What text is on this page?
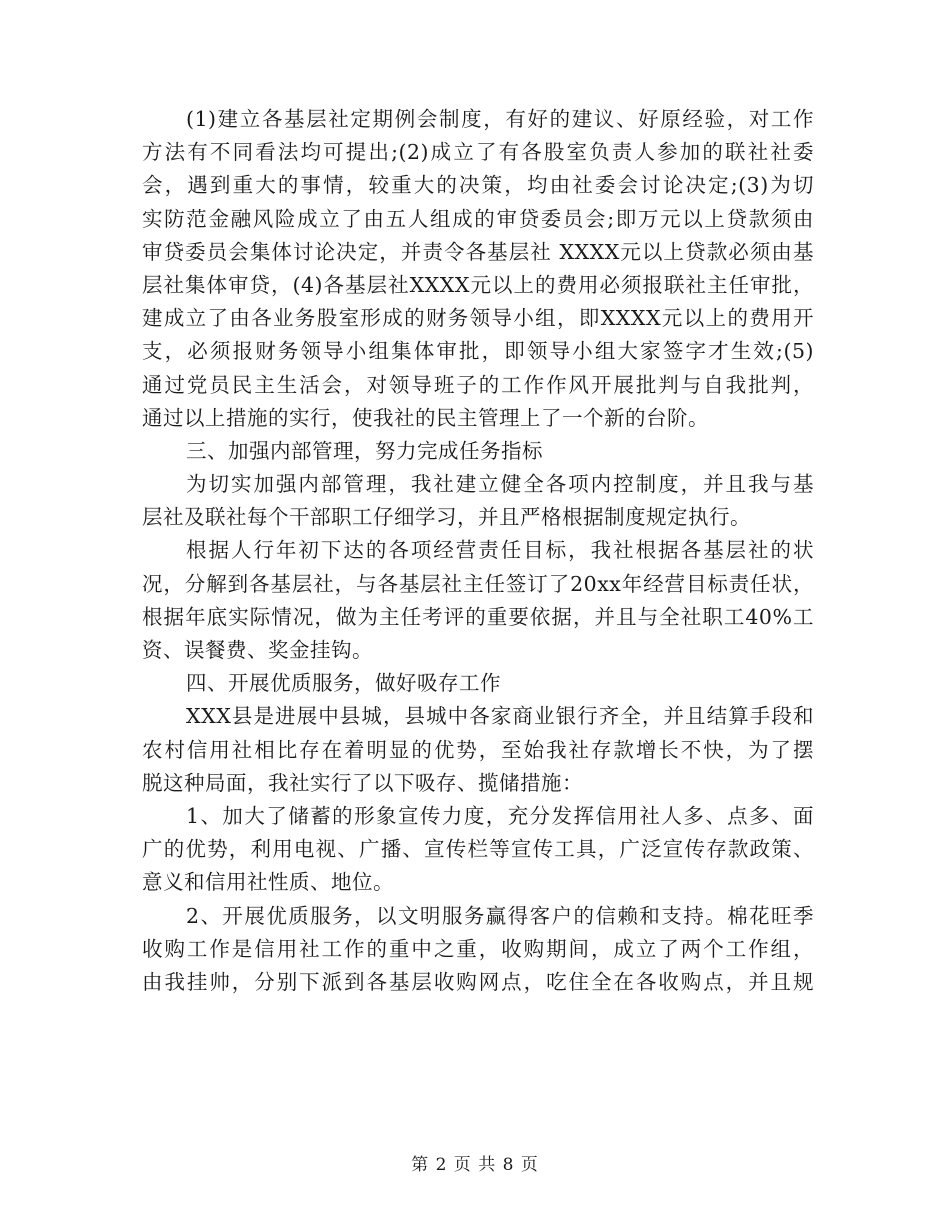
(1)建立各基层社定期例会制度，有好的建议、好原经验，对工作
方法有不同看法均可提出;(2)成立了有各股室负责人参加的联社社委
会，遇到重大的事情，较重大的决策，均由社委会讨论决定;(3)为切
实防范金融风险成立了由五人组成的审贷委员会;即万元以上贷款须由
审贷委员会集体讨论决定，并责令各基层社 XXXX元以上贷款必须由基
层社集体审贷，(4)各基层社XXXX元以上的费用必须报联社主任审批，
建成立了由各业务股室形成的财务领导小组，即XXXX元以上的费用开
支，必须报财务领导小组集体审批，即领导小组大家签字才生效;(5)
通过党员民主生活会，对领导班子的工作作风开展批判与自我批判，
通过以上措施的实行，使我社的民主管理上了一个新的台阶。
三、加强内部管理，努力完成任务指标
为切实加强内部管理，我社建立健全各项内控制度，并且我与基
层社及联社每个干部职工仔细学习，并且严格根据制度规定执行。
根据人行年初下达的各项经营责任目标，我社根据各基层社的状
况，分解到各基层社，与各基层社主任签订了20xx年经营目标责任状，
根据年底实际情况，做为主任考评的重要依据，并且与全社职工40%工
资、误餐费、奖金挂钩。
四、开展优质服务，做好吸存工作
XXX县是进展中县城，县城中各家商业银行齐全，并且结算手段和
农村信用社相比存在着明显的优势，至始我社存款增长不快，为了摆
脱这种局面，我社实行了以下吸存、揽储措施：
1、加大了储蓄的形象宣传力度，充分发挥信用社人多、点多、面
广的优势，利用电视、广播、宣传栏等宣传工具，广泛宣传存款政策、
意义和信用社性质、地位。
2、开展优质服务，以文明服务赢得客户的信赖和支持。棉花旺季
收购工作是信用社工作的重中之重，收购期间，成立了两个工作组，
由我挂帅，分别下派到各基层收购网点，吃住全在各收购点，并且规
第 2 页 共 8 页
